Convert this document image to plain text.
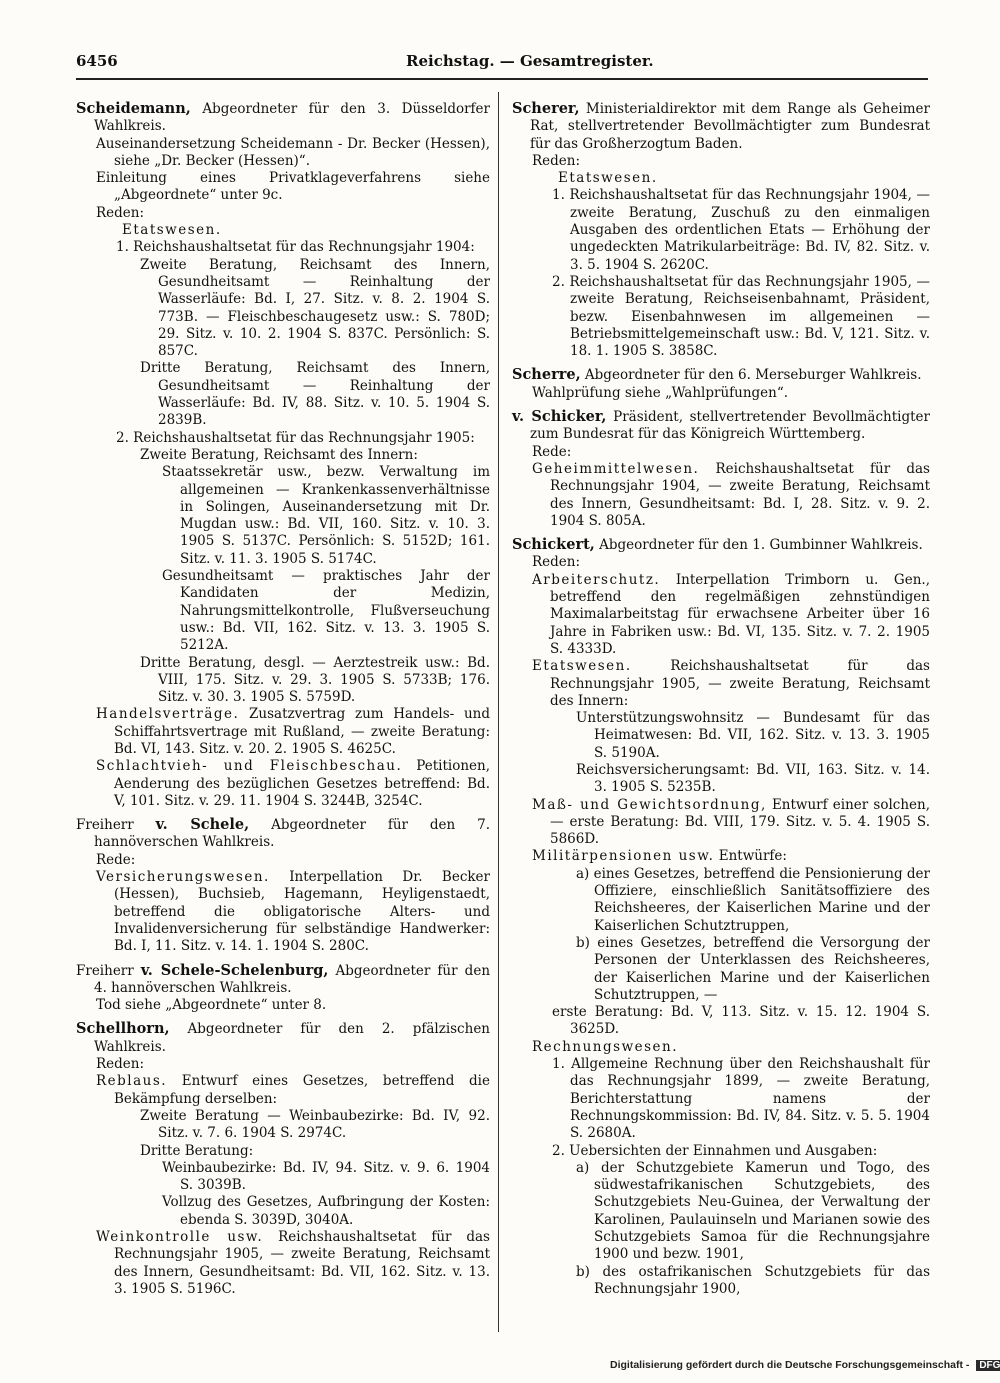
6456	Reichstag. — Gesamtregister.

Scheidemann, Abgeordneter für den 3. Düsseldorfer Wahlkreis.

Auseinandersetzung Scheidemann - Dr. Becker (Hessen), siehe „Dr. Becker (Hessen)“.

Einleitung eines Privatklageverfahrens siehe „Abgeordnete“ unter 9c.

Reden:

Etatswesen.

1. Reichshaushaltsetat für das Rechnungsjahr 1904:

Zweite Beratung, Reichsamt des Innern, Gesundheitsamt — Reinhaltung der Wasserläufe: Bd. I, 27. Sitz. v. 8. 2. 1904 S. 773B. — Fleischbeschaugesetz usw.: S. 780D; 29. Sitz. v. 10. 2. 1904 S. 837C. Persönlich: S. 857C.

Dritte Beratung, Reichsamt des Innern, Gesundheitsamt — Reinhaltung der Wasserläufe: Bd. IV, 88. Sitz. v. 10. 5. 1904 S. 2839B.

2. Reichshaushaltsetat für das Rechnungsjahr 1905:

Zweite Beratung, Reichsamt des Innern:

Staatssekretär usw., bezw. Verwaltung im allgemeinen — Krankenkassenverhältnisse in Solingen, Auseinandersetzung mit Dr. Mugdan usw.: Bd. VII, 160. Sitz. v. 10. 3. 1905 S. 5137C. Persönlich: S. 5152D; 161. Sitz. v. 11. 3. 1905 S. 5174C.

Gesundheitsamt — praktisches Jahr der Kandidaten der Medizin, Nahrungsmittelkontrolle, Flußverseuchung usw.: Bd. VII, 162. Sitz. v. 13. 3. 1905 S. 5212A.

Dritte Beratung, desgl. — Aerztestreik usw.: Bd. VIII, 175. Sitz. v. 29. 3. 1905 S. 5733B; 176. Sitz. v. 30. 3. 1905 S. 5759D.

Handelsverträge. Zusatzvertrag zum Handels- und Schiffahrtsvertrage mit Rußland, — zweite Beratung: Bd. VI, 143. Sitz. v. 20. 2. 1905 S. 4625C.

Schlachtvieh- und Fleischbeschau. Petitionen, Aenderung des bezüglichen Gesetzes betreffend: Bd. V, 101. Sitz. v. 29. 11. 1904 S. 3244B, 3254C.

Freiherr v. Schele, Abgeordneter für den 7. hannöverschen Wahlkreis.

Rede:

Versicherungswesen. Interpellation Dr. Becker (Hessen), Buchsieb, Hagemann, Heyligenstaedt, betreffend die obligatorische Alters- und Invalidenversicherung für selbständige Handwerker: Bd. I, 11. Sitz. v. 14. 1. 1904 S. 280C.

Freiherr v. Schele-Schelenburg, Abgeordneter für den 4. hannöverschen Wahlkreis.

Tod siehe „Abgeordnete“ unter 8.

Schellhorn, Abgeordneter für den 2. pfälzischen Wahlkreis.

Reden:

Reblaus. Entwurf eines Gesetzes, betreffend die Bekämpfung derselben:

Zweite Beratung — Weinbaubezirke: Bd. IV, 92. Sitz. v. 7. 6. 1904 S. 2974C.

Dritte Beratung:

Weinbaubezirke: Bd. IV, 94. Sitz. v. 9. 6. 1904 S. 3039B.

Vollzug des Gesetzes, Aufbringung der Kosten: ebenda S. 3039D, 3040A.

Weinkontrolle usw. Reichshaushaltsetat für das Rechnungsjahr 1905, — zweite Beratung, Reichsamt des Innern, Gesundheitsamt: Bd. VII, 162. Sitz. v. 13. 3. 1905 S. 5196C.

Scherer, Ministerialdirektor mit dem Range als Geheimer Rat, stellvertretender Bevollmächtigter zum Bundesrat für das Großherzogtum Baden.

Reden:

Etatswesen.

1. Reichshaushaltsetat für das Rechnungsjahr 1904, — zweite Beratung, Zuschuß zu den einmaligen Ausgaben des ordentlichen Etats — Erhöhung der ungedeckten Matrikularbeiträge: Bd. IV, 82. Sitz. v. 3. 5. 1904 S. 2620C.

2. Reichshaushaltsetat für das Rechnungsjahr 1905, — zweite Beratung, Reichseisenbahnamt, Präsident, bezw. Eisenbahnwesen im allgemeinen — Betriebsmittelgemeinschaft usw.: Bd. V, 121. Sitz. v. 18. 1. 1905 S. 3858C.

Scherre, Abgeordneter für den 6. Merseburger Wahlkreis.

Wahlprüfung siehe „Wahlprüfungen“.

v. Schicker, Präsident, stellvertretender Bevollmächtigter zum Bundesrat für das Königreich Württemberg.

Rede:

Geheimmittelwesen. Reichshaushaltsetat für das Rechnungsjahr 1904, — zweite Beratung, Reichsamt des Innern, Gesundheitsamt: Bd. I, 28. Sitz. v. 9. 2. 1904 S. 805A.

Schickert, Abgeordneter für den 1. Gumbinner Wahlkreis.

Reden:

Arbeiterschutz. Interpellation Trimborn u. Gen., betreffend den regelmäßigen zehnstündigen Maximalarbeitstag für erwachsene Arbeiter über 16 Jahre in Fabriken usw.: Bd. VI, 135. Sitz. v. 7. 2. 1905 S. 4333D.

Etatswesen. Reichshaushaltsetat für das Rechnungsjahr 1905, — zweite Beratung, Reichsamt des Innern:

Unterstützungswohnsitz — Bundesamt für das Heimatwesen: Bd. VII, 162. Sitz. v. 13. 3. 1905 S. 5190A.

Reichsversicherungsamt: Bd. VII, 163. Sitz. v. 14. 3. 1905 S. 5235B.

Maß- und Gewichtsordnung, Entwurf einer solchen, — erste Beratung: Bd. VIII, 179. Sitz. v. 5. 4. 1905 S. 5866D.

Militärpensionen usw. Entwürfe:

a) eines Gesetzes, betreffend die Pensionierung der Offiziere, einschließlich Sanitätsoffiziere des Reichsheeres, der Kaiserlichen Marine und der Kaiserlichen Schutztruppen,

b) eines Gesetzes, betreffend die Versorgung der Personen der Unterklassen des Reichsheeres, der Kaiserlichen Marine und der Kaiserlichen Schutztruppen, —

erste Beratung: Bd. V, 113. Sitz. v. 15. 12. 1904 S. 3625D.

Rechnungswesen.

1. Allgemeine Rechnung über den Reichshaushalt für das Rechnungsjahr 1899, — zweite Beratung, Berichterstattung namens der Rechnungskommission: Bd. IV, 84. Sitz. v. 5. 5. 1904 S. 2680A.

2. Uebersichten der Einnahmen und Ausgaben:

a) der Schutzgebiete Kamerun und Togo, des südwestafrikanischen Schutzgebiets, des Schutzgebiets Neu-Guinea, der Verwaltung der Karolinen, Paulauinseln und Marianen sowie des Schutzgebiets Samoa für die Rechnungsjahre 1900 und bezw. 1901,

b) des ostafrikanischen Schutzgebiets für das Rechnungsjahr 1900,

Digitalisierung gefördert durch die Deutsche Forschungsgemeinschaft - DFG
